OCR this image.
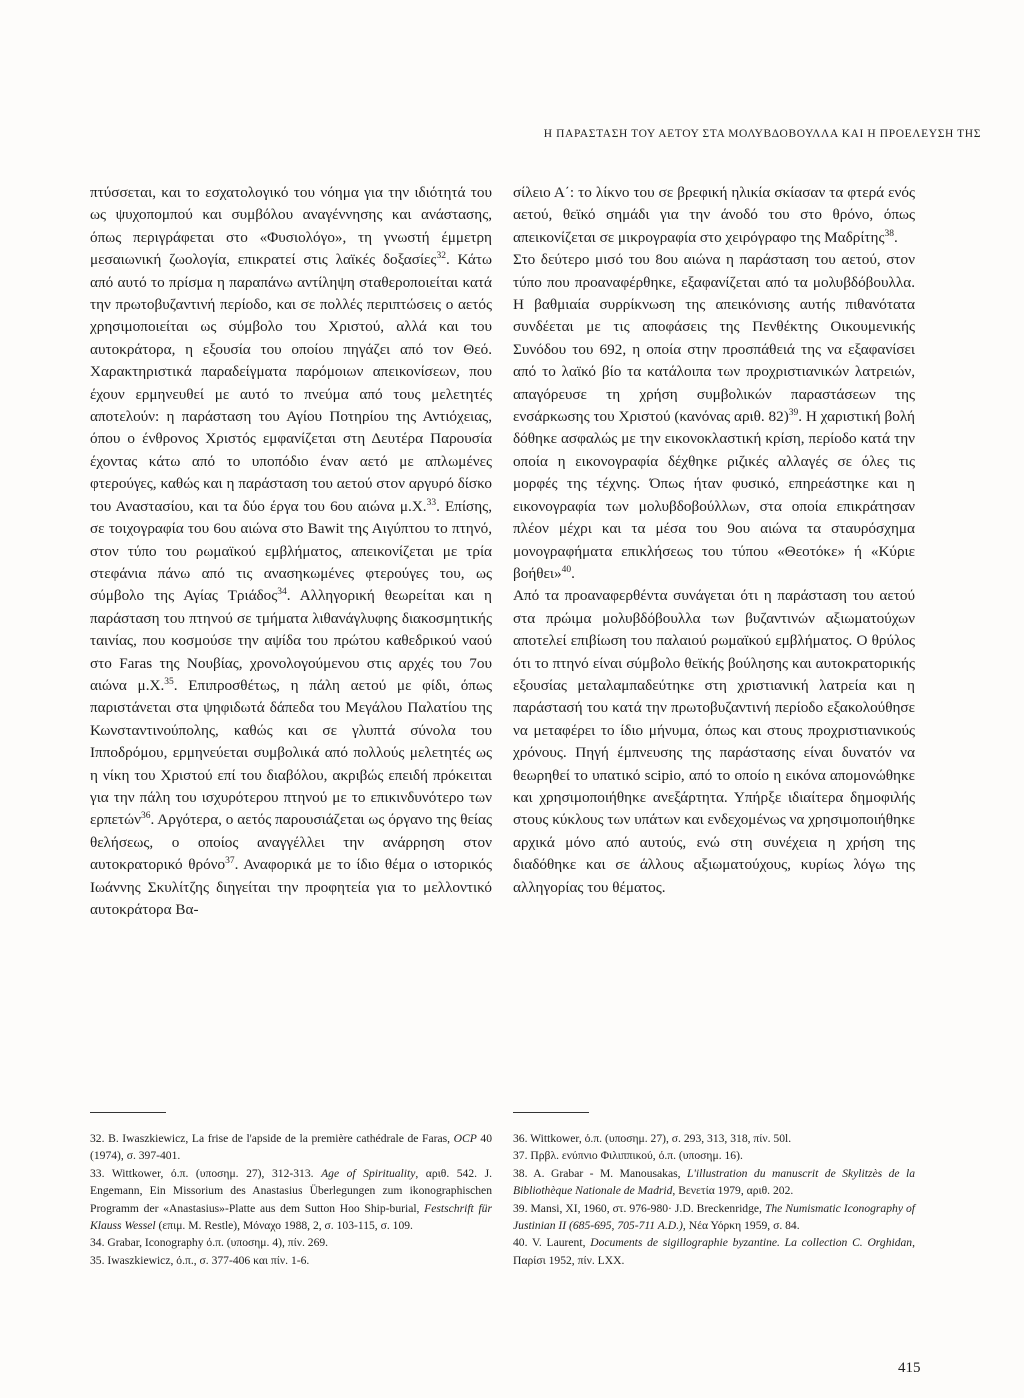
Η ΠΑΡΑΣΤΑΣΗ ΤΟΥ ΑΕΤΟΥ ΣΤΑ ΜΟΛΥΒΔΟΒΟΥΛΛΑ ΚΑΙ Η ΠΡΟΕΛΕΥΣΗ ΤΗΣ

πτύσσεται, και το εσχατολογικό του νόημα για την ιδιότητά του ως ψυχοπομπού και συμβόλου αναγέννησης και ανάστασης, όπως περιγράφεται στο «Φυσιολόγο», τη γνωστή έμμετρη μεσαιωνική ζωολογία, επικρατεί στις λαϊκές δοξασίες$^{32}$. Κάτω από αυτό το πρίσμα η παραπάνω αντίληψη σταθεροποιείται κατά την πρωτοβυζαντινή περίοδο, και σε πολλές περιπτώσεις ο αετός χρησιμοποιείται ως σύμβολο του Χριστού, αλλά και του αυτοκράτορα, η εξουσία του οποίου πηγάζει από τον Θεό. Χαρακτηριστικά παραδείγματα παρόμοιων απεικονίσεων, που έχουν ερμηνευθεί με αυτό το πνεύμα από τους μελετητές αποτελούν: η παράσταση του Αγίου Ποτηρίου της Αντιόχειας, όπου ο ένθρονος Χριστός εμφανίζεται στη Δευτέρα Παρουσία έχοντας κάτω από το υποπόδιο έναν αετό με απλωμένες φτερούγες, καθώς και η παράσταση του αετού στον αργυρό δίσκο του Αναστασίου, και τα δύο έργα του 6ου αιώνα μ.Χ.$^{33}$. Επίσης, σε τοιχογραφία του 6ου αιώνα στο Bawit της Αιγύπτου το πτηνό, στον τύπο του ρωμαϊκού εμβλήματος, απεικονίζεται με τρία στεφάνια πάνω από τις ανασηκωμένες φτερούγες του, ως σύμβολο της Αγίας Τριάδος$^{34}$. Αλληγορική θεωρείται και η παράσταση του πτηνού σε τμήματα λιθανάγλυφης διακοσμητικής ταινίας, που κοσμούσε την αψίδα του πρώτου καθεδρικού ναού στο Faras της Νουβίας, χρονολογούμενου στις αρχές του 7ου αιώνα μ.Χ.$^{35}$. Επιπροσθέτως, η πάλη αετού με φίδι, όπως παριστάνεται στα ψηφιδωτά δάπεδα του Μεγάλου Παλατίου της Κωνσταντινούπολης, καθώς και σε γλυπτά σύνολα του Ιπποδρόμου, ερμηνεύεται συμβολικά από πολλούς μελετητές ως η νίκη του Χριστού επί του διαβόλου, ακριβώς επειδή πρόκειται για την πάλη του ισχυρότερου πτηνού με το επικινδυνότερο των ερπετών$^{36}$. Αργότερα, ο αετός παρουσιάζεται ως όργανο της θείας θελήσεως, ο οποίος αναγγέλλει την ανάρρηση στον αυτοκρατορικό θρόνο$^{37}$. Αναφορικά με το ίδιο θέμα ο ιστορικός Ιωάννης Σκυλίτζης διηγείται την προφητεία για το μελλοντικό αυτοκράτορα Βα-

σίλειο Α΄: το λίκνο του σε βρεφική ηλικία σκίασαν τα φτερά ενός αετού, θεϊκό σημάδι για την άνοδό του στο θρόνο, όπως απεικονίζεται σε μικρογραφία στο χειρόγραφο της Μαδρίτης$^{38}$.

Στο δεύτερο μισό του 8ου αιώνα η παράσταση του αετού, στον τύπο που προαναφέρθηκε, εξαφανίζεται από τα μολυβδόβουλλα. Η βαθμιαία συρρίκνωση της απεικόνισης αυτής πιθανότατα συνδέεται με τις αποφάσεις της Πενθέκτης Οικουμενικής Συνόδου του 692, η οποία στην προσπάθειά της να εξαφανίσει από το λαϊκό βίο τα κατάλοιπα των προχριστιανικών λατρειών, απαγόρευσε τη χρήση συμβολικών παραστάσεων της ενσάρκωσης του Χριστού (κανόνας αριθ. 82)$^{39}$. Η χαριστική βολή δόθηκε ασφαλώς με την εικονοκλαστική κρίση, περίοδο κατά την οποία η εικονογραφία δέχθηκε ριζικές αλλαγές σε όλες τις μορφές της τέχνης. Όπως ήταν φυσικό, επηρεάστηκε και η εικονογραφία των μολυβδοβούλλων, στα οποία επικράτησαν πλέον μέχρι και τα μέσα του 9ου αιώνα τα σταυρόσχημα μονογραφήματα επικλήσεως του τύπου «Θεοτόκε» ή «Κύριε βοήθει»$^{40}$.

Από τα προαναφερθέντα συνάγεται ότι η παράσταση του αετού στα πρώιμα μολυβδόβουλλα των βυζαντινών αξιωματούχων αποτελεί επιβίωση του παλαιού ρωμαϊκού εμβλήματος. Ο θρύλος ότι το πτηνό είναι σύμβολο θεϊκής βούλησης και αυτοκρατορικής εξουσίας μεταλαμπαδεύτηκε στη χριστιανική λατρεία και η παράστασή του κατά την πρωτοβυζαντινή περίοδο εξακολούθησε να μεταφέρει το ίδιο μήνυμα, όπως και στους προχριστιανικούς χρόνους. Πηγή έμπνευσης της παράστασης είναι δυνατόν να θεωρηθεί το υπατικό scipio, από το οποίο η εικόνα απομονώθηκε και χρησιμοποιήθηκε ανεξάρτητα. Υπήρξε ιδιαίτερα δημοφιλής στους κύκλους των υπάτων και ενδεχομένως να χρησιμοποιήθηκε αρχικά μόνο από αυτούς, ενώ στη συνέχεια η χρήση της διαδόθηκε και σε άλλους αξιωματούχους, κυρίως λόγω της αλληγορίας του θέματος.

32. B. Iwaszkiewicz, La frise de l'apside de la première cathédrale de Faras, OCP 40 (1974), σ. 397-401.
33. Wittkower, ό.π. (υποσημ. 27), 312-313. Age of Spirituality, αριθ. 542. J. Engemann, Ein Missorium des Anastasius Überlegungen zum ikonographischen Programm der «Anastasius»-Platte aus dem Sutton Hoo Ship-burial, Festschrift für Klauss Wessel (επιμ. M. Restle), Μόναχο 1988, 2, σ. 103-115, σ. 109.
34. Grabar, Iconography ό.π. (υποσημ. 4), πίν. 269.
35. Iwaszkiewicz, ό.π., σ. 377-406 και πίν. 1-6.
36. Wittkower, ό.π. (υποσημ. 27), σ. 293, 313, 318, πίν. 50l.
37. Πρβλ. ενύπνιο Φιλιππικού, ό.π. (υποσημ. 16).
38. A. Grabar - M. Manousakas, L'illustration du manuscrit de Skylitzès de la Bibliothèque Nationale de Madrid, Βενετία 1979, αριθ. 202.
39. Mansi, XI, 1960, στ. 976-980· J.D. Breckenridge, The Numismatic Iconography of Justinian II (685-695, 705-711 A.D.), Νέα Υόρκη 1959, σ. 84.
40. V. Laurent, Documents de sigillographie byzantine. La collection C. Orghidan, Παρίσι 1952, πίν. LXX.
415
